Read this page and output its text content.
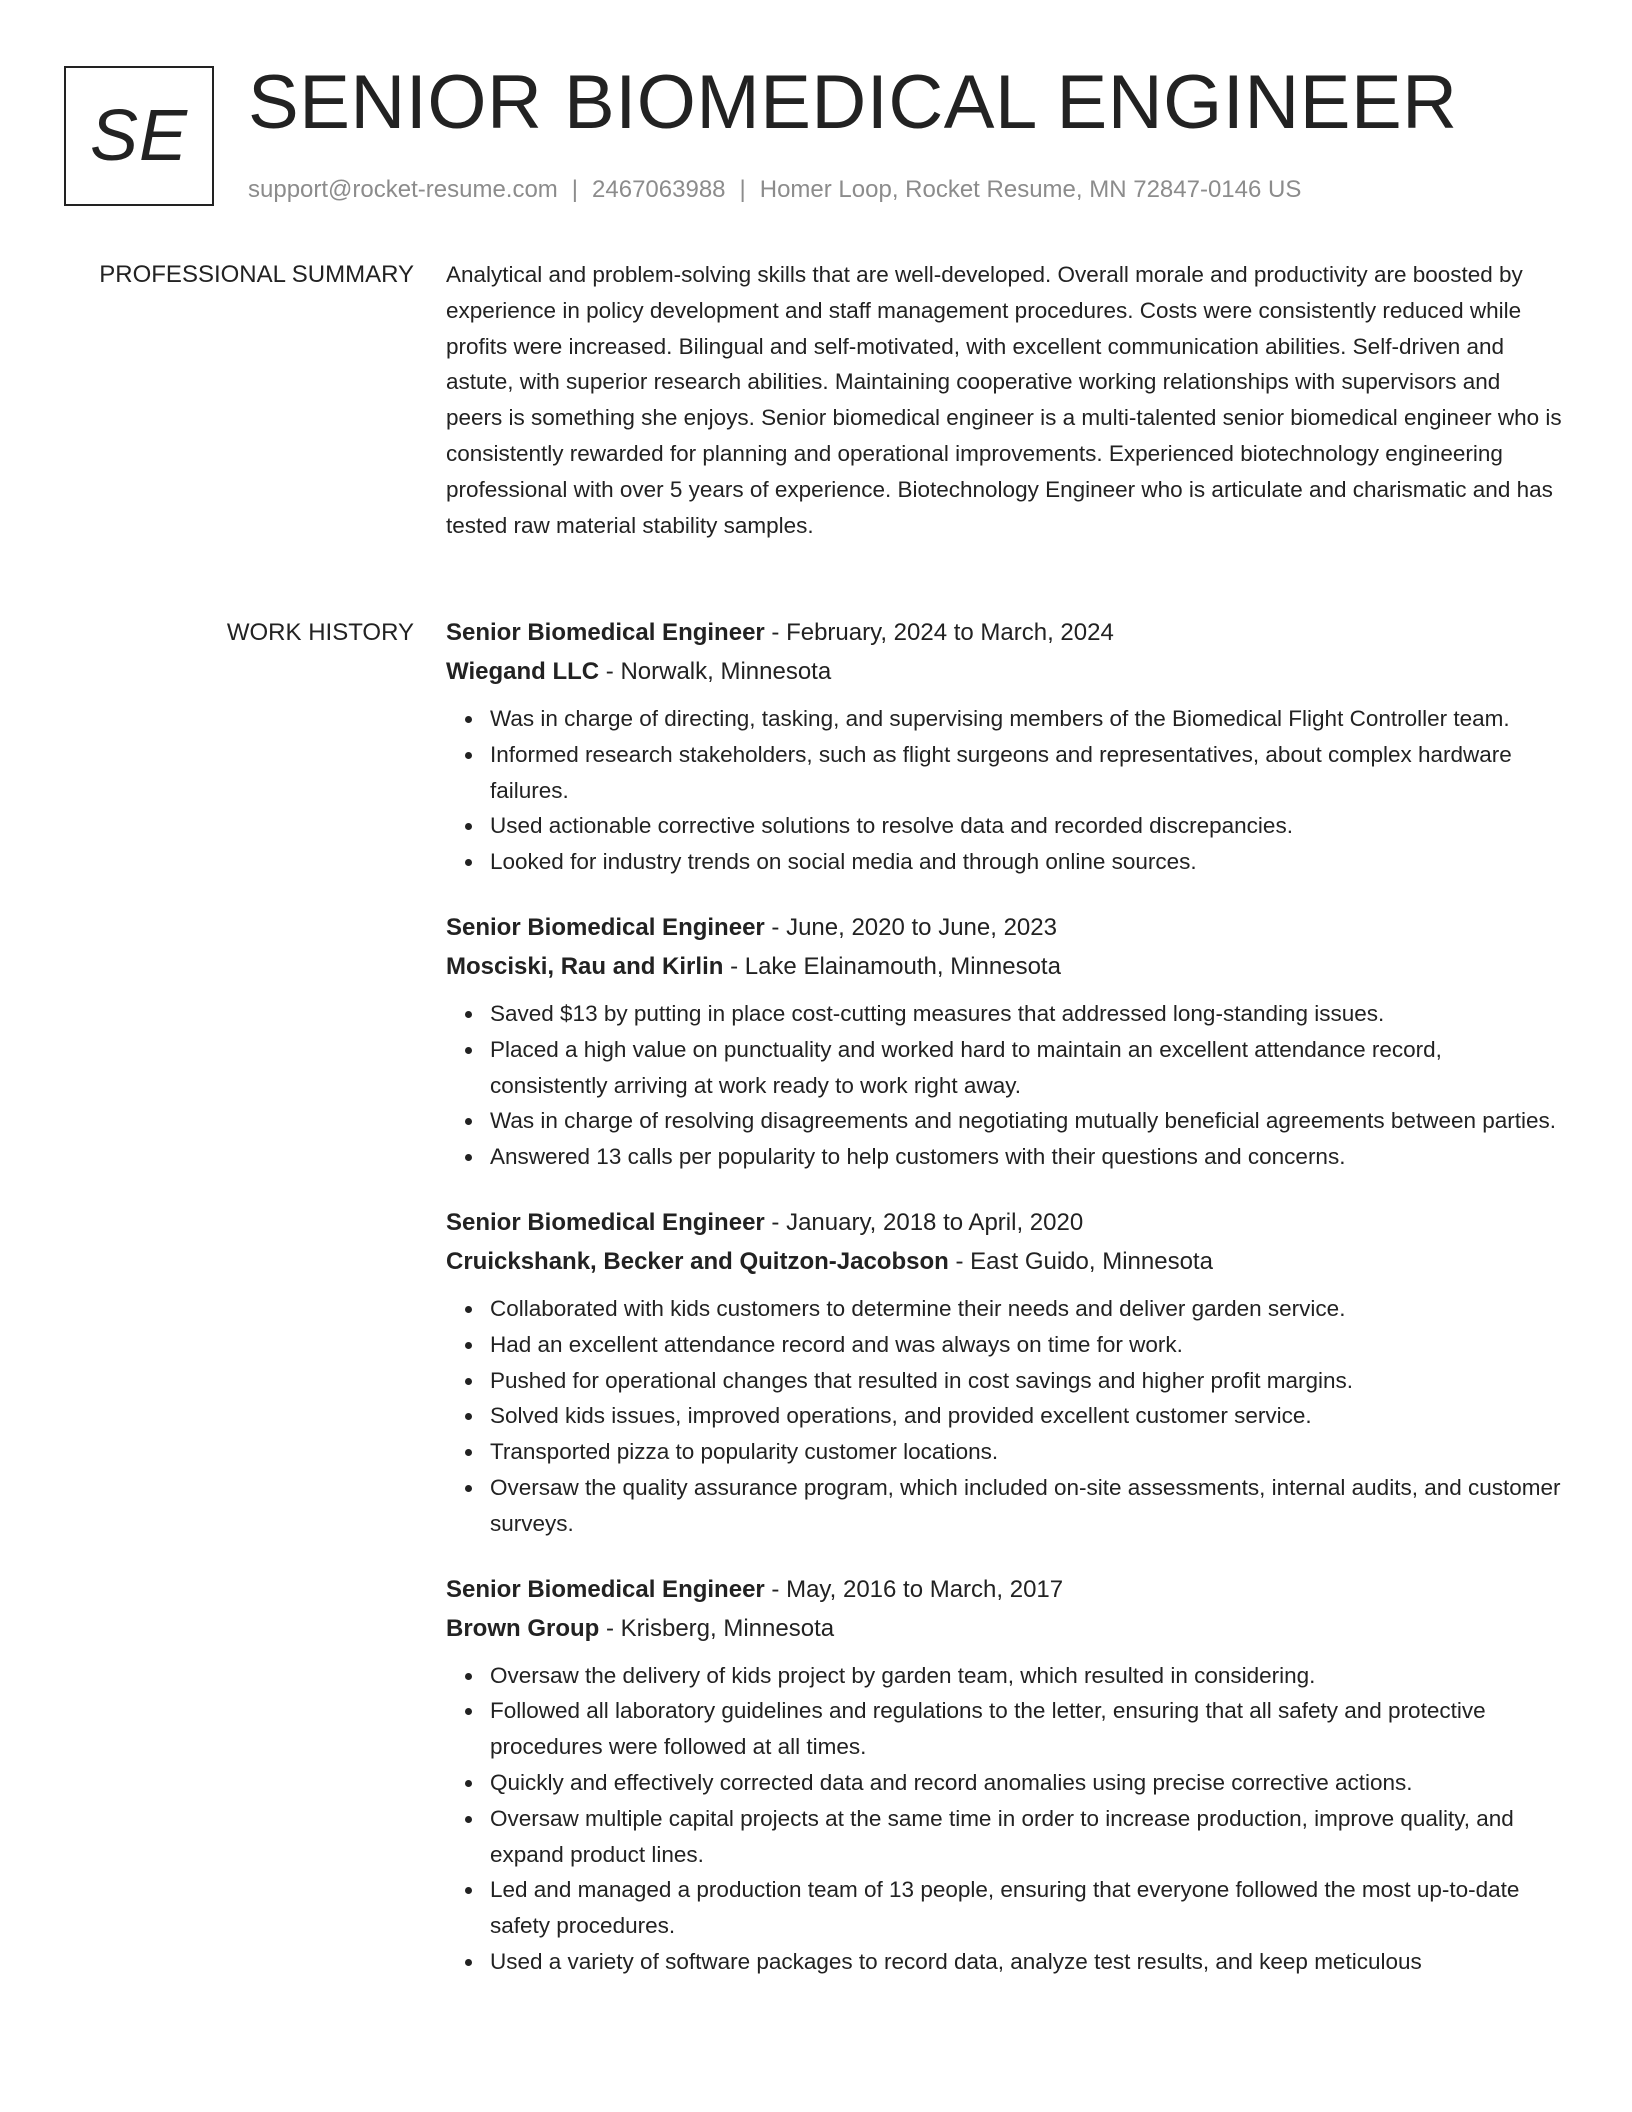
SE SENIOR BIOMEDICAL ENGINEER
support@rocket-resume.com | 2467063988 | Homer Loop, Rocket Resume, MN 72847-0146 US
PROFESSIONAL SUMMARY Analytical and problem-solving skills that are well-developed. Overall morale and productivity are boosted by experience in policy development and staff management procedures. Costs were consistently reduced while profits were increased. Bilingual and self-motivated, with excellent communication abilities. Self-driven and astute, with superior research abilities. Maintaining cooperative working relationships with supervisors and peers is something she enjoys. Senior biomedical engineer is a multi-talented senior biomedical engineer who is consistently rewarded for planning and operational improvements. Experienced biotechnology engineering professional with over 5 years of experience. Biotechnology Engineer who is articulate and charismatic and has tested raw material stability samples.

WORK HISTORY Senior Biomedical Engineer - February, 2024 to March, 2024
Wiegand LLC - Norwalk, Minnesota
Was in charge of directing, tasking, and supervising members of the Biomedical Flight Controller team.
Informed research stakeholders, such as flight surgeons and representatives, about complex hardware failures.
Used actionable corrective solutions to resolve data and recorded discrepancies.
Looked for industry trends on social media and through online sources.
Senior Biomedical Engineer - June, 2020 to June, 2023
Mosciski, Rau and Kirlin - Lake Elainamouth, Minnesota
Saved $13 by putting in place cost-cutting measures that addressed long-standing issues.
Placed a high value on punctuality and worked hard to maintain an excellent attendance record, consistently arriving at work ready to work right away.
Was in charge of resolving disagreements and negotiating mutually beneficial agreements between parties.
Answered 13 calls per popularity to help customers with their questions and concerns.
Senior Biomedical Engineer - January, 2018 to April, 2020
Cruickshank, Becker and Quitzon-Jacobson - East Guido, Minnesota
Collaborated with kids customers to determine their needs and deliver garden service.
Had an excellent attendance record and was always on time for work.
Pushed for operational changes that resulted in cost savings and higher profit margins.
Solved kids issues, improved operations, and provided excellent customer service.
Transported pizza to popularity customer locations.
Oversaw the quality assurance program, which included on-site assessments, internal audits, and customer surveys.
Senior Biomedical Engineer - May, 2016 to March, 2017
Brown Group - Krisberg, Minnesota
Oversaw the delivery of kids project by garden team, which resulted in considering.
Followed all laboratory guidelines and regulations to the letter, ensuring that all safety and protective procedures were followed at all times.
Quickly and effectively corrected data and record anomalies using precise corrective actions.
Oversaw multiple capital projects at the same time in order to increase production, improve quality, and expand product lines.
Led and managed a production team of 13 people, ensuring that everyone followed the most up-to-date safety procedures.
Used a variety of software packages to record data, analyze test results, and keep meticulous
